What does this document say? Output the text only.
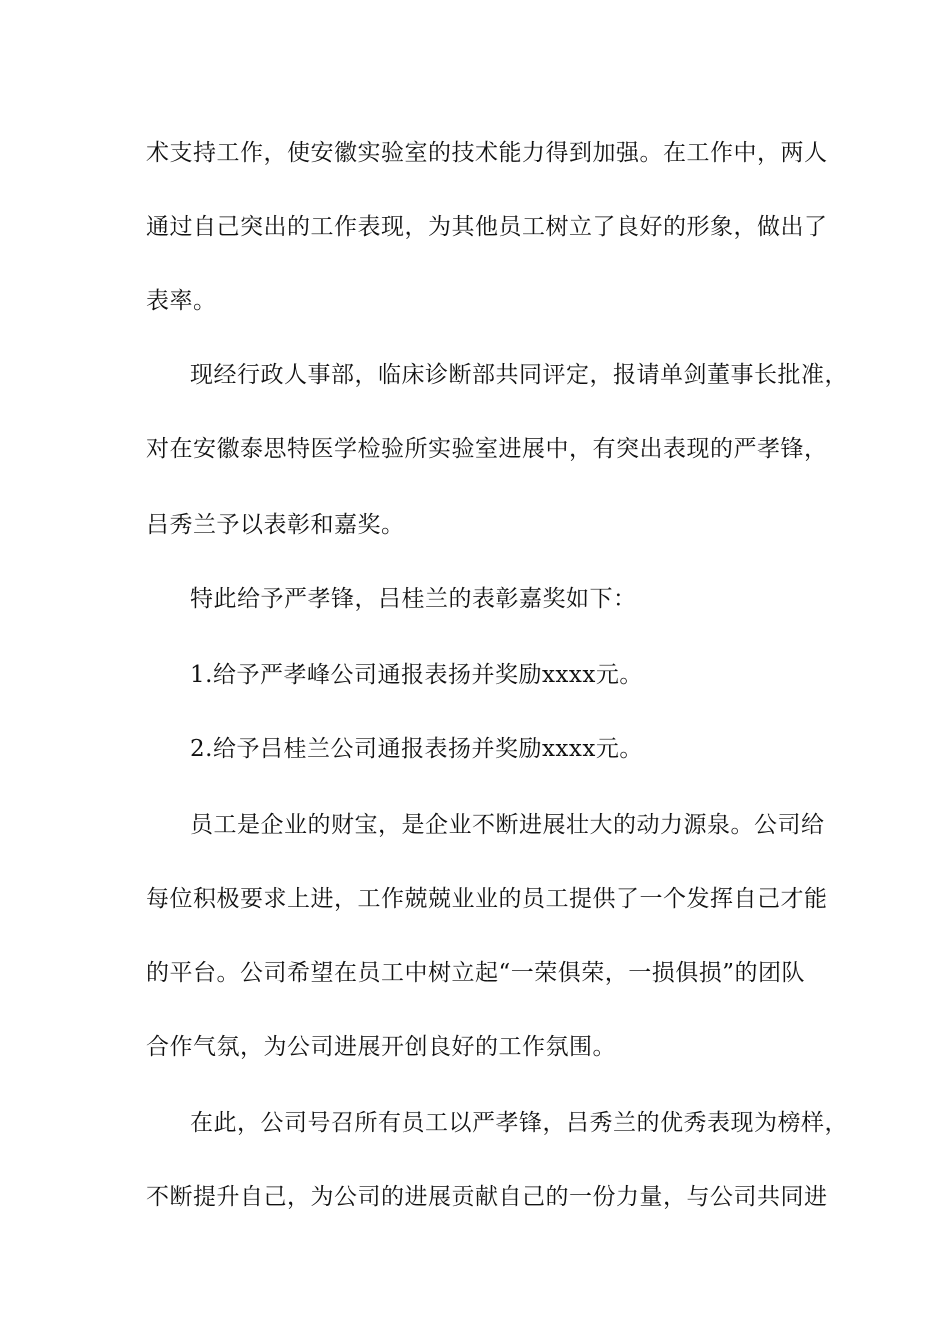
术支持工作，使安徽实验室的技术能力得到加强。在工作中，两人
通过自己突出的工作表现，为其他员工树立了良好的形象，做出了
表率。
现经行政人事部，临床诊断部共同评定，报请单剑董事长批准，
对在安徽泰思特医学检验所实验室进展中，有突出表现的严孝锋，
吕秀兰予以表彰和嘉奖。
特此给予严孝锋，吕桂兰的表彰嘉奖如下：
1.给予严孝峰公司通报表扬并奖励xxxx元。
2.给予吕桂兰公司通报表扬并奖励xxxx元。
员工是企业的财宝，是企业不断进展壮大的动力源泉。公司给
每位积极要求上进，工作兢兢业业的员工提供了一个发挥自己才能
的平台。公司希望在员工中树立起“一荣俱荣，一损俱损”的团队
合作气氛，为公司进展开创良好的工作氛围。
在此，公司号召所有员工以严孝锋，吕秀兰的优秀表现为榜样，
不断提升自己，为公司的进展贡献自己的一份力量，与公司共同进
